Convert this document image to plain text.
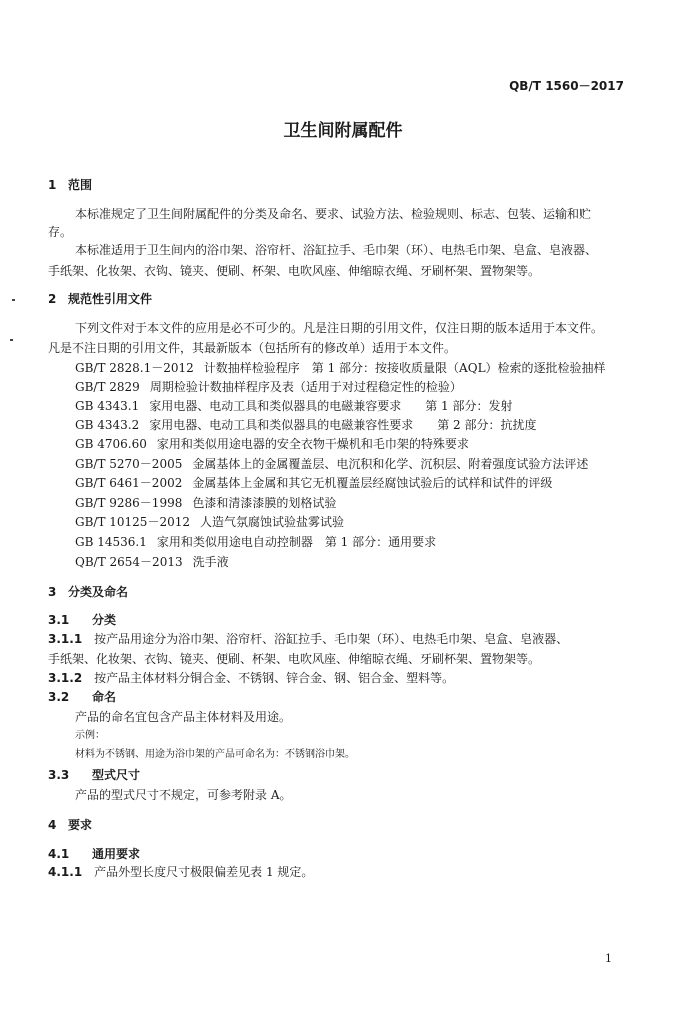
QB/T 1560－2017
卫生间附属配件
1 范围
本标准规定了卫生间附属配件的分类及命名、要求、试验方法、检验规则、标志、包装、运输和贮
存。
本标准适用于卫生间内的浴巾架、浴帘杆、浴缸拉手、毛巾架（环）、电热毛巾架、皂盒、皂液器、
手纸架、化妆架、衣钩、镜夹、便刷、杯架、电吹风座、伸缩晾衣绳、牙刷杯架、置物架等。
2 规范性引用文件
下列文件对于本文件的应用是必不可少的。凡是注日期的引用文件，仅注日期的版本适用于本文件。
凡是不注日期的引用文件，其最新版本（包括所有的修改单）适用于本文件。
GB/T 2828.1－2012 计数抽样检验程序　第 1 部分：按接收质量限（AQL）检索的逐批检验抽样
GB/T 2829 周期检验计数抽样程序及表（适用于对过程稳定性的检验）
GB 4343.1 家用电器、电动工具和类似器具的电磁兼容要求　　第 1 部分：发射
GB 4343.2 家用电器、电动工具和类似器具的电磁兼容性要求　　第 2 部分：抗扰度
GB 4706.60 家用和类似用途电器的安全衣物干燥机和毛巾架的特殊要求
GB/T 5270－2005 金属基体上的金属覆盖层、电沉积和化学、沉积层、附着强度试验方法评述
GB/T 6461－2002 金属基体上金属和其它无机覆盖层经腐蚀试验后的试样和试件的评级
GB/T 9286－1998 色漆和清漆漆膜的划格试验
GB/T 10125－2012 人造气氛腐蚀试验盐雾试验
GB 14536.1 家用和类似用途电自动控制器　第 1 部分：通用要求
QB/T 2654－2013 洗手液
3 分类及命名
3.1 分类
3.1.1 按产品用途分为浴巾架、浴帘杆、浴缸拉手、毛巾架（环）、电热毛巾架、皂盒、皂液器、
手纸架、化妆架、衣钩、镜夹、便刷、杯架、电吹风座、伸缩晾衣绳、牙刷杯架、置物架等。
3.1.2 按产品主体材料分铜合金、不锈钢、锌合金、钢、铝合金、塑料等。
3.2 命名
产品的命名宜包含产品主体材料及用途。
示例：
材料为不锈钢、用途为浴巾架的产品可命名为：不锈钢浴巾架。
3.3 型式尺寸
产品的型式尺寸不规定，可参考附录 A。
4 要求
4.1 通用要求
4.1.1 产品外型长度尺寸极限偏差见表 1 规定。
1
